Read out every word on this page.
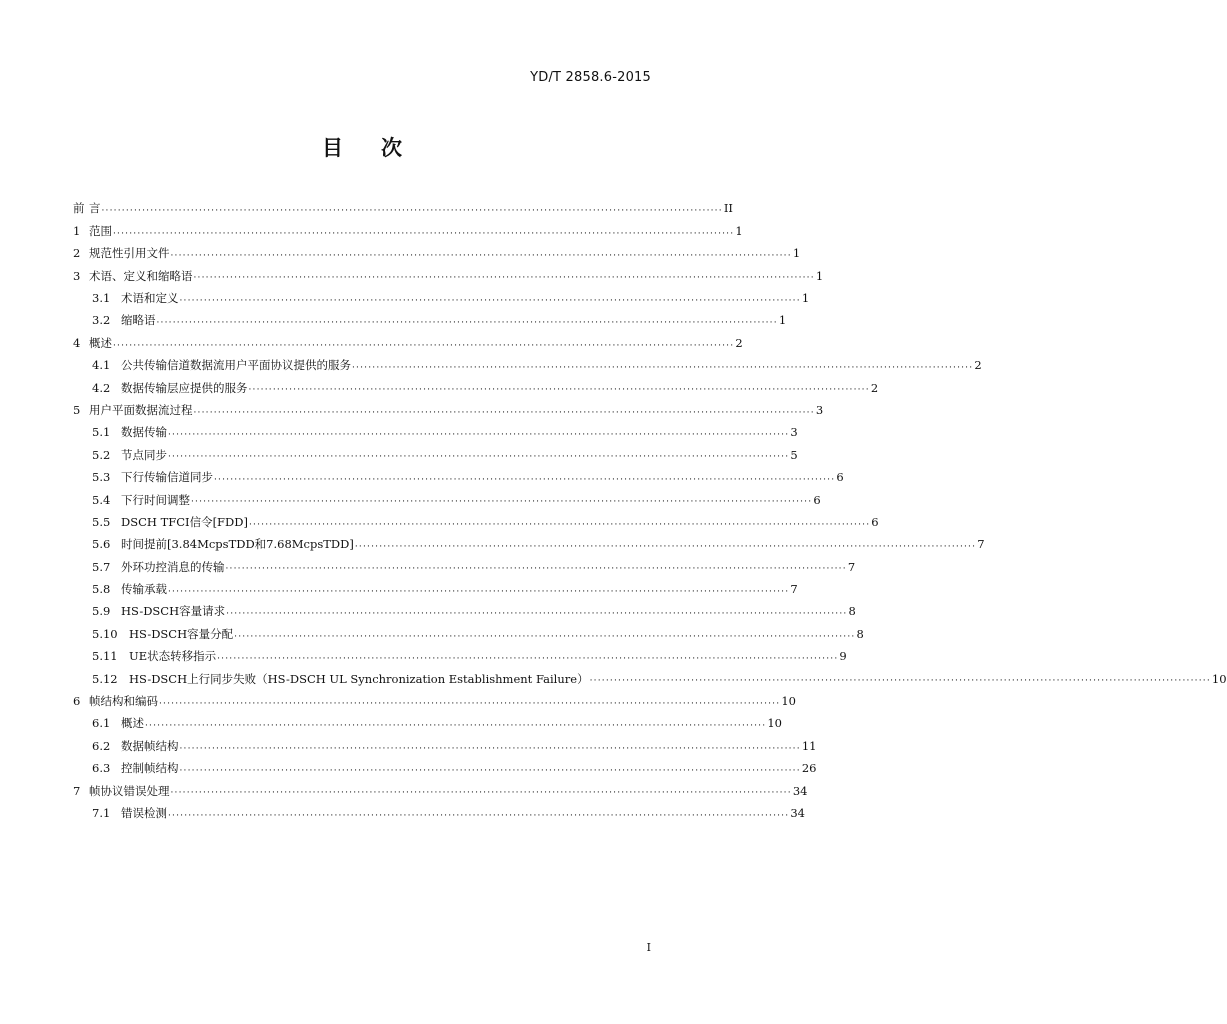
YD/T 2858.6-2015
目次
前 言 ·····	II
1 范围 ·····	1
2 规范性引用文件 ·····	1
3 术语、定义和缩略语 ·····	1
3.1 术语和定义 ·····	1
3.2 缩略语 ·····	1
4 概述 ·····	2
4.1 公共传输信道数据流用户平面协议提供的服务 ·····	2
4.2 数据传输层应提供的服务 ·····	2
5 用户平面数据流过程 ·····	3
5.1 数据传输 ·····	3
5.2 节点同步 ·····	5
5.3 下行传输信道同步 ·····	6
5.4 下行时间调整 ·····	6
5.5 DSCH TFCI信令[FDD] ·····	6
5.6 时间提前[3.84McpsTDD和7.68McpsTDD] ·····	7
5.7 外环功控消息的传输 ·····	7
5.8 传输承载 ·····	7
5.9 HS-DSCH容量请求 ·····	8
5.10 HS-DSCH容量分配 ·····	8
5.11 UE状态转移指示 ·····	9
5.12 HS-DSCH上行同步失败（HS-DSCH UL Synchronization Establishment Failure） ·····	10
6 帧结构和编码 ·····	10
6.1 概述 ·····	10
6.2 数据帧结构 ·····	11
6.3 控制帧结构 ·····	26
7 帧协议错误处理 ·····	34
7.1 错误检测 ·····	34
I
